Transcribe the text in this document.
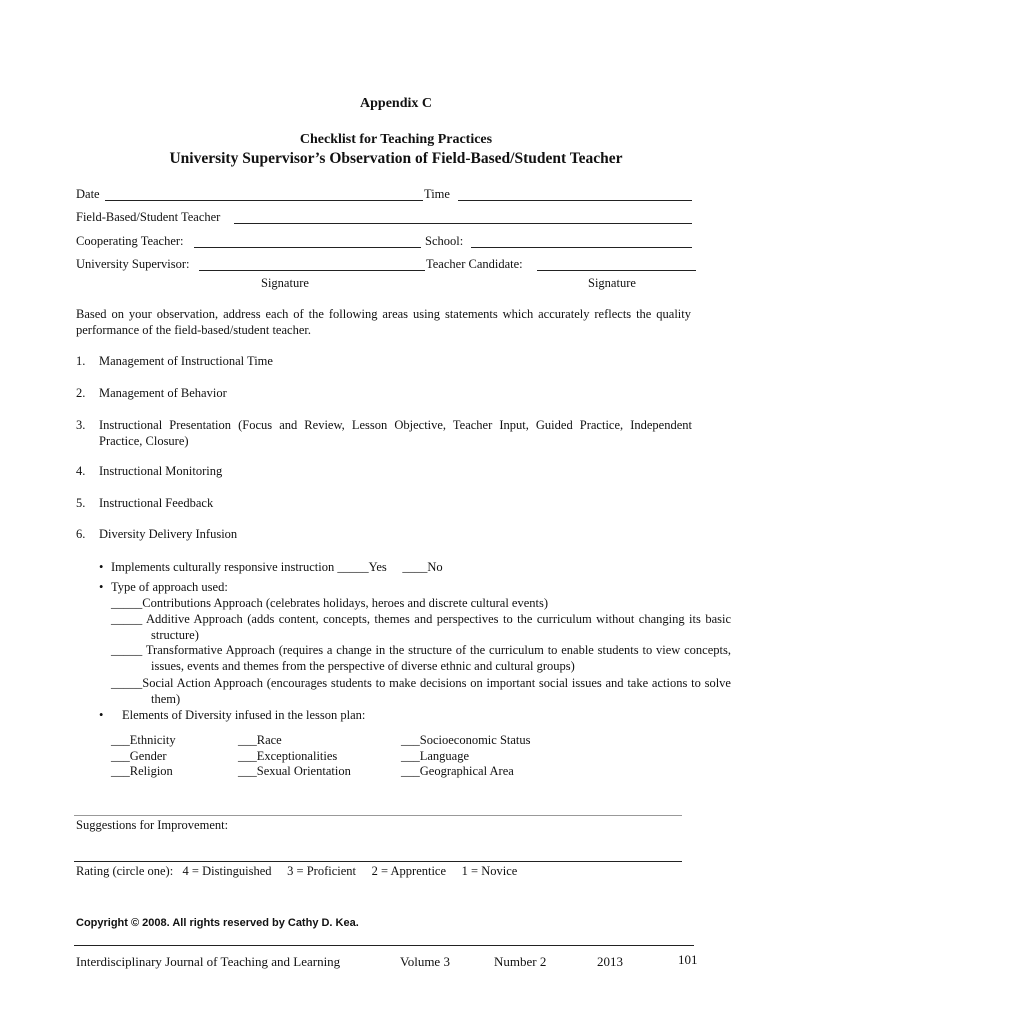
Appendix C
Checklist for Teaching Practices
University Supervisor’s Observation of Field-Based/Student Teacher
Date	Time
Field-Based/Student Teacher
Cooperating Teacher:	School:
University Supervisor:	Teacher Candidate:
Signature	Signature
Based on your observation, address each of the following areas using statements which accurately reflects the quality performance of the field-based/student teacher.
1. Management of Instructional Time
2. Management of Behavior
3. Instructional Presentation (Focus and Review, Lesson Objective, Teacher Input, Guided Practice, Independent Practice, Closure)
4. Instructional Monitoring
5. Instructional Feedback
6. Diversity Delivery Infusion
• Implements culturally responsive instruction _____Yes     ____No
• Type of approach used:
_____Contributions Approach (celebrates holidays, heroes and discrete cultural events)
_____ Additive Approach (adds content, concepts, themes and perspectives to the curriculum without changing its basic structure)
_____ Transformative Approach (requires a change in the structure of the curriculum to enable students to view concepts, issues, events and themes from the perspective of diverse ethnic and cultural groups)
_____Social Action Approach (encourages students to make decisions on important social issues and take actions to solve them)
• Elements of Diversity infused in the lesson plan:
___Ethnicity	___Race	___Socioeconomic Status
___Gender	___Exceptionalities	___Language
___Religion	___Sexual Orientation	___Geographical Area
Suggestions for Improvement:
Rating (circle one):   4 = Distinguished     3 = Proficient     2 = Apprentice     1 = Novice
Copyright © 2008. All rights reserved by Cathy D. Kea.
Interdisciplinary Journal of Teaching and Learning	Volume 3	Number 2	2013	101
